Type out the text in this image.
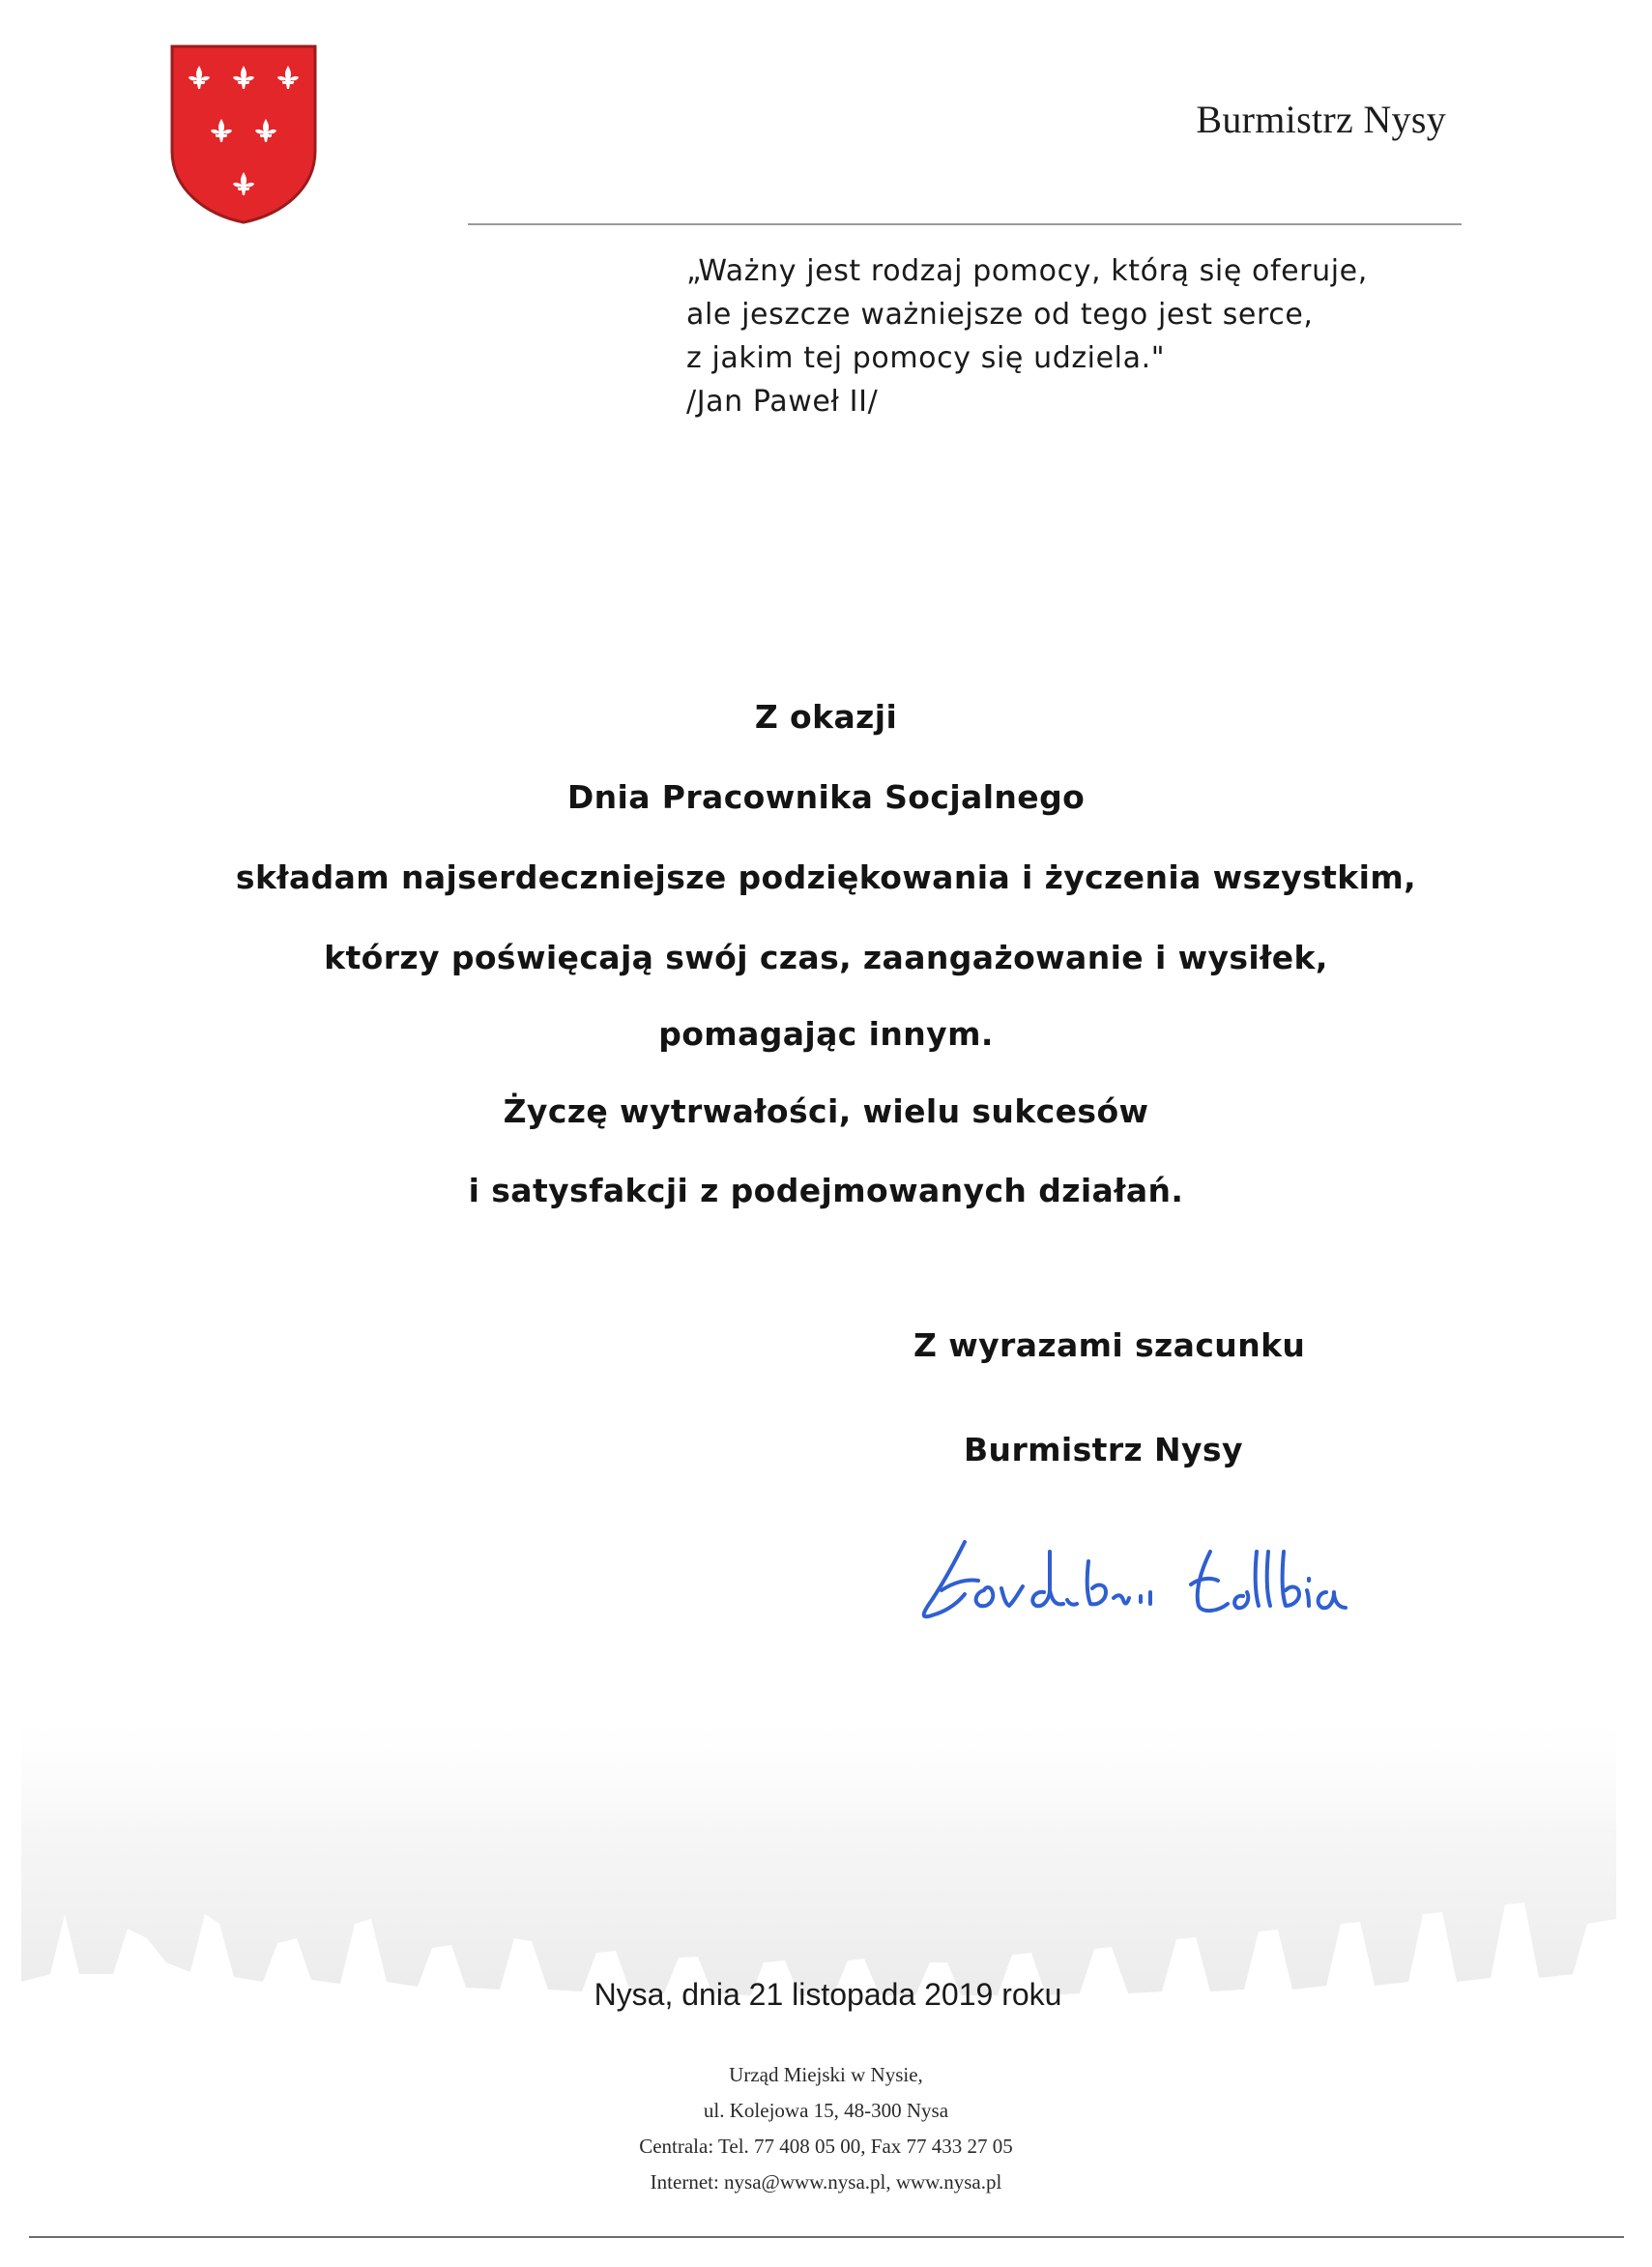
Burmistrz Nysy
„Ważny jest rodzaj pomocy, którą się oferuje,
ale jeszcze ważniejsze od tego jest serce,
z jakim tej pomocy się udziela."
/Jan Paweł II/
Z okazji
Dnia Pracownika Socjalnego
składam najserdeczniejsze podziękowania i życzenia wszystkim,
którzy poświęcają swój czas, zaangażowanie i wysiłek,
pomagając innym.
Życzę wytrwałości, wielu sukcesów
i satysfakcji z podejmowanych działań.
Z wyrazami szacunku
Burmistrz Nysy
Nysa, dnia 21 listopada 2019 roku
Urząd Miejski w Nysie,
ul. Kolejowa 15, 48-300 Nysa
Centrala: Tel. 77 408 05 00, Fax 77 433 27 05
Internet: nysa@www.nysa.pl, www.nysa.pl
